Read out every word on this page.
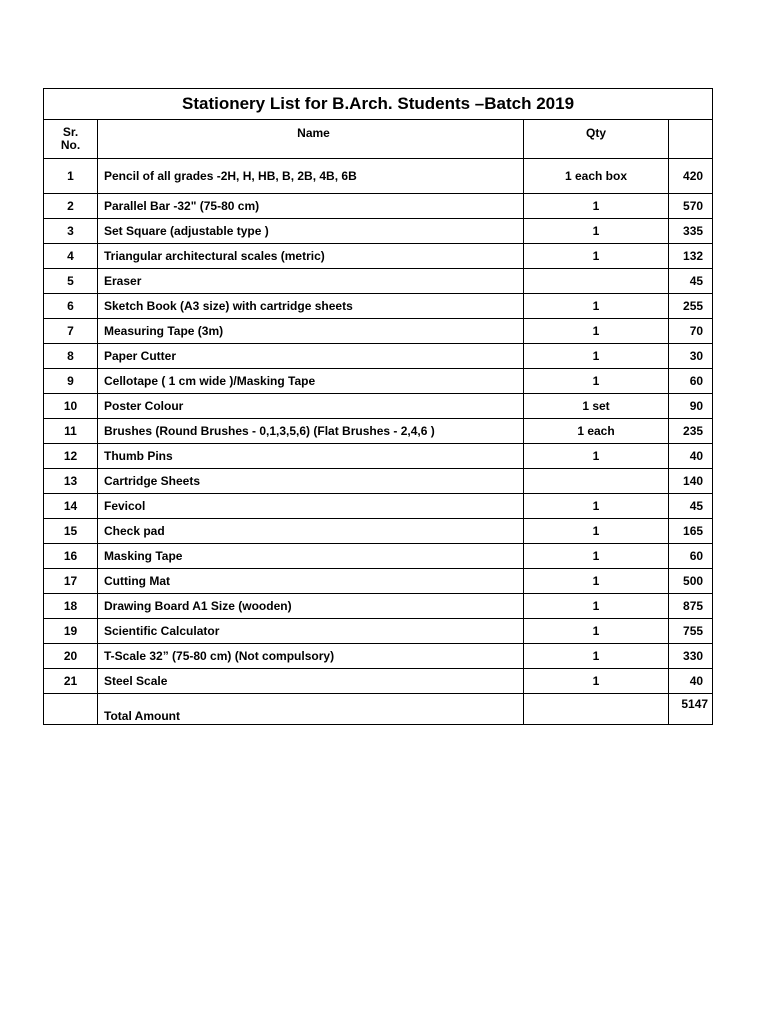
Stationery List for B.Arch. Students –Batch 2019			

Sr.
No.	Name	Qty	
1	Pencil of all grades -2H, H, HB, B, 2B, 4B, 6B	1 each box	420
2	Parallel Bar -32" (75-80 cm)	1	570
3	Set Square (adjustable type )	1	335
4	Triangular architectural scales (metric)	1	132
5	Eraser		45
6	Sketch Book (A3 size) with cartridge sheets	1	255
7	Measuring Tape (3m)	1	70
8	Paper Cutter	1	30
9	Cellotape ( 1 cm wide )/Masking Tape	1	60
10	Poster Colour	1 set	90
11	Brushes (Round Brushes - 0,1,3,5,6) (Flat Brushes - 2,4,6 )	1 each	235
12	Thumb Pins	1	40
13	Cartridge Sheets		140
14	Fevicol	1	45
15	Check pad	1	165
16	Masking Tape	1	60
17	Cutting Mat	1	500
18	Drawing Board A1 Size (wooden)	1	875
19	Scientific Calculator	1	755
20	T-Scale 32” (75-80 cm) (Not compulsory)	1	330
21	Steel Scale	1	40
	Total Amount		5147
